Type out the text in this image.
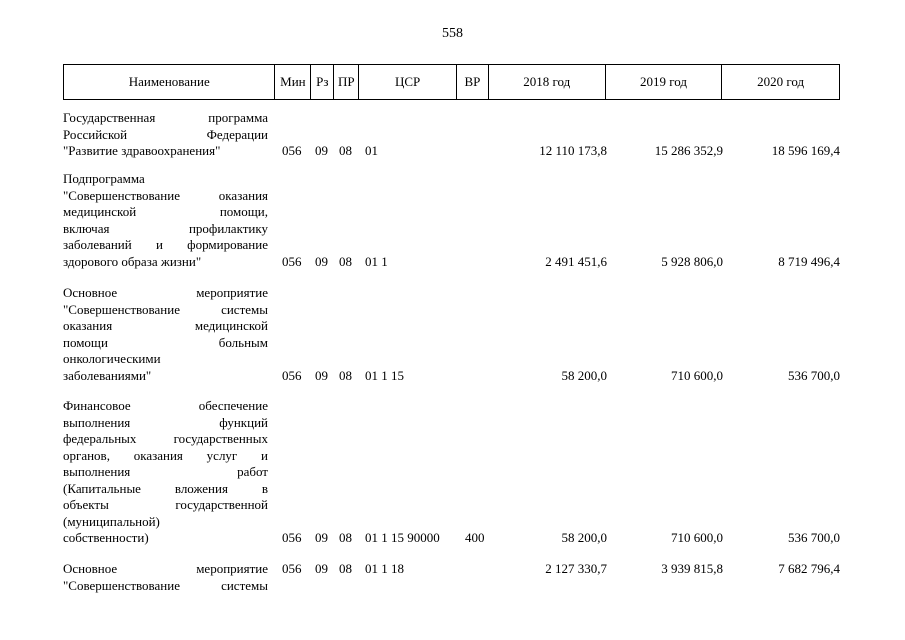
558
Наименование	Мин Рз ПР	ЦСР	ВР	2018 год	2019 год	2020 год
Государственная программа
Российской Федерации
"Развитие здравоохранения"	056 09 08 01	12 110 173,8	15 286 352,9	18 596 169,4
Подпрограмма
"Совершенствование оказания
медицинской помощи,
включая профилактику
заболеваний и формирование
здорового образа жизни"	056 09 08 01 1	2 491 451,6	5 928 806,0	8 719 496,4
Основное мероприятие
"Совершенствование системы
оказания медицинской
помощи больным
онкологическими
заболеваниями"	056 09 08 01 1 15	58 200,0	710 600,0	536 700,0
Финансовое обеспечение
выполнения функций
федеральных государственных
органов, оказания услуг и
выполнения работ
(Капитальные вложения в
объекты государственной
(муниципальной)
собственности)	056 09 08 01 1 15 90000 400	58 200,0	710 600,0	536 700,0
Основное мероприятие
"Совершенствование системы
056 09 08 01 1 18	2 127 330,7	3 939 815,8	7 682 796,4
